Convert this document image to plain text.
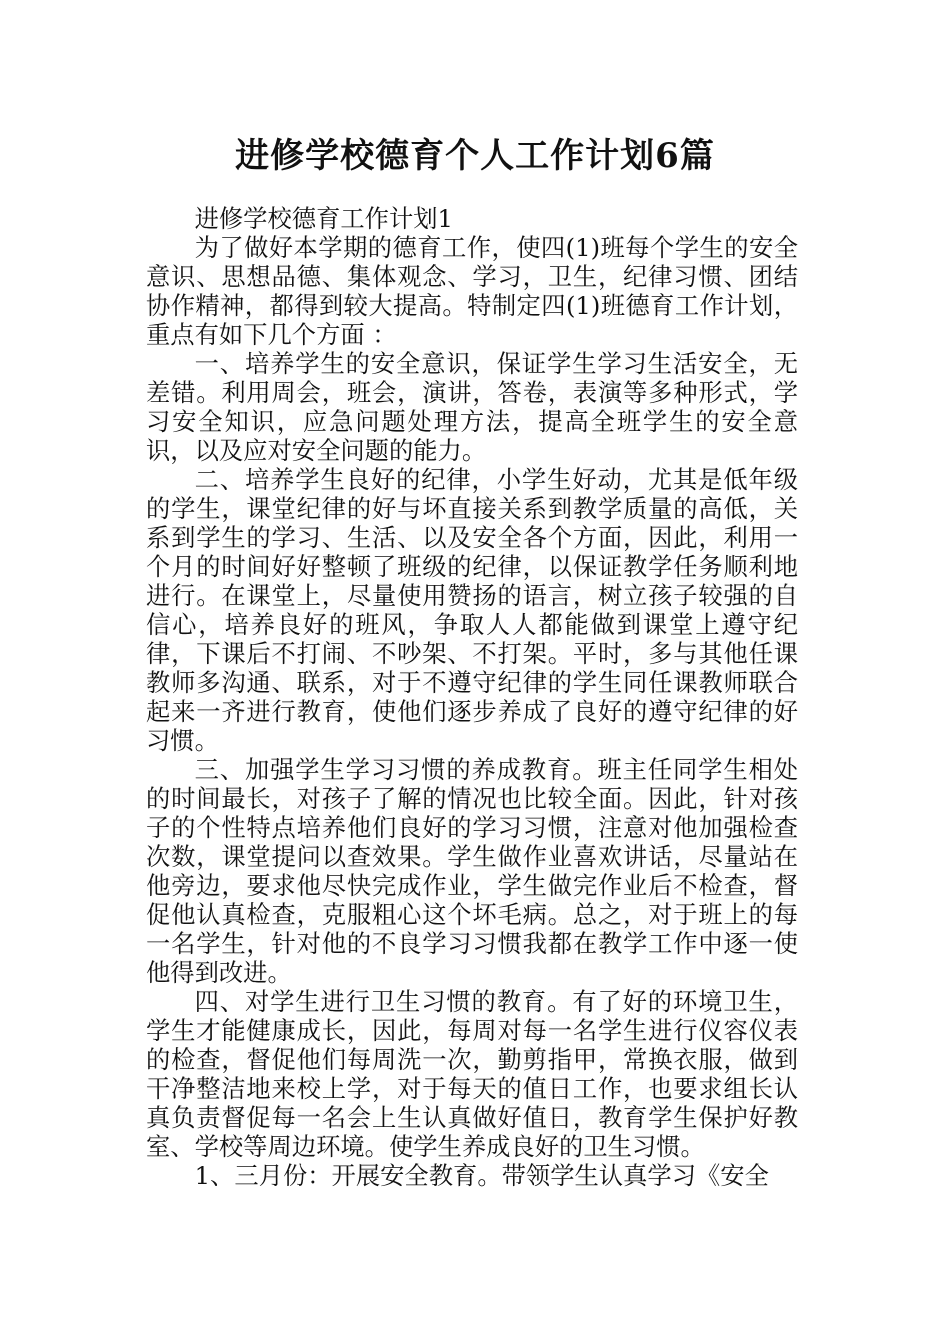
进修学校德育个人工作计划6篇

进修学校德育工作计划1

为了做好本学期的德育工作，使四(1)班每个学生的安全意识、思想品德、集体观念、学习，卫生，纪律习惯、团结协作精神，都得到较大提高。特制定四(1)班德育工作计划，重点有如下几个方面 ：

一、培养学生的安全意识，保证学生学习生活安全，无差错。利用周会，班会，演讲，答卷，表演等多种形式，学习安全知识，应急问题处理方法，提高全班学生的安全意识，以及应对安全问题的能力。

二、培养学生良好的纪律，小学生好动，尤其是低年级的学生，课堂纪律的好与坏直接关系到教学质量的高低，关系到学生的学习、生活、以及安全各个方面，因此，利用一个月的时间好好整顿了班级的纪律，以保证教学任务顺利地进行。在课堂上，尽量使用赞扬的语言，树立孩子较强的自信心，培养良好的班风，争取人人都能做到课堂上遵守纪律，下课后不打闹、不吵架、不打架。平时，多与其他任课教师多沟通、联系，对于不遵守纪律的学生同任课教师联合起来一齐进行教育，使他们逐步养成了良好的遵守纪律的好习惯。

三、加强学生学习习惯的养成教育。班主任同学生相处的时间最长，对孩子了解的情况也比较全面。因此，针对孩子的个性特点培养他们良好的学习习惯，注意对他加强检查次数，课堂提问以查效果。学生做作业喜欢讲话，尽量站在他旁边，要求他尽快完成作业，学生做完作业后不检查，督促他认真检查，克服粗心这个坏毛病。总之，对于班上的每一名学生，针对他的不良学习习惯我都在教学工作中逐一使他得到改进。

四、对学生进行卫生习惯的教育。有了好的环境卫生，学生才能健康成长，因此，每周对每一名学生进行仪容仪表的检查，督促他们每周洗一次，勤剪指甲，常换衣服，做到干净整洁地来校上学，对于每天的值日工作，也要求组长认真负责督促每一名会上生认真做好值日，教育学生保护好教室、学校等周边环境。使学生养成良好的卫生习惯。

1、三月份：开展安全教育。带领学生认真学习《安全
